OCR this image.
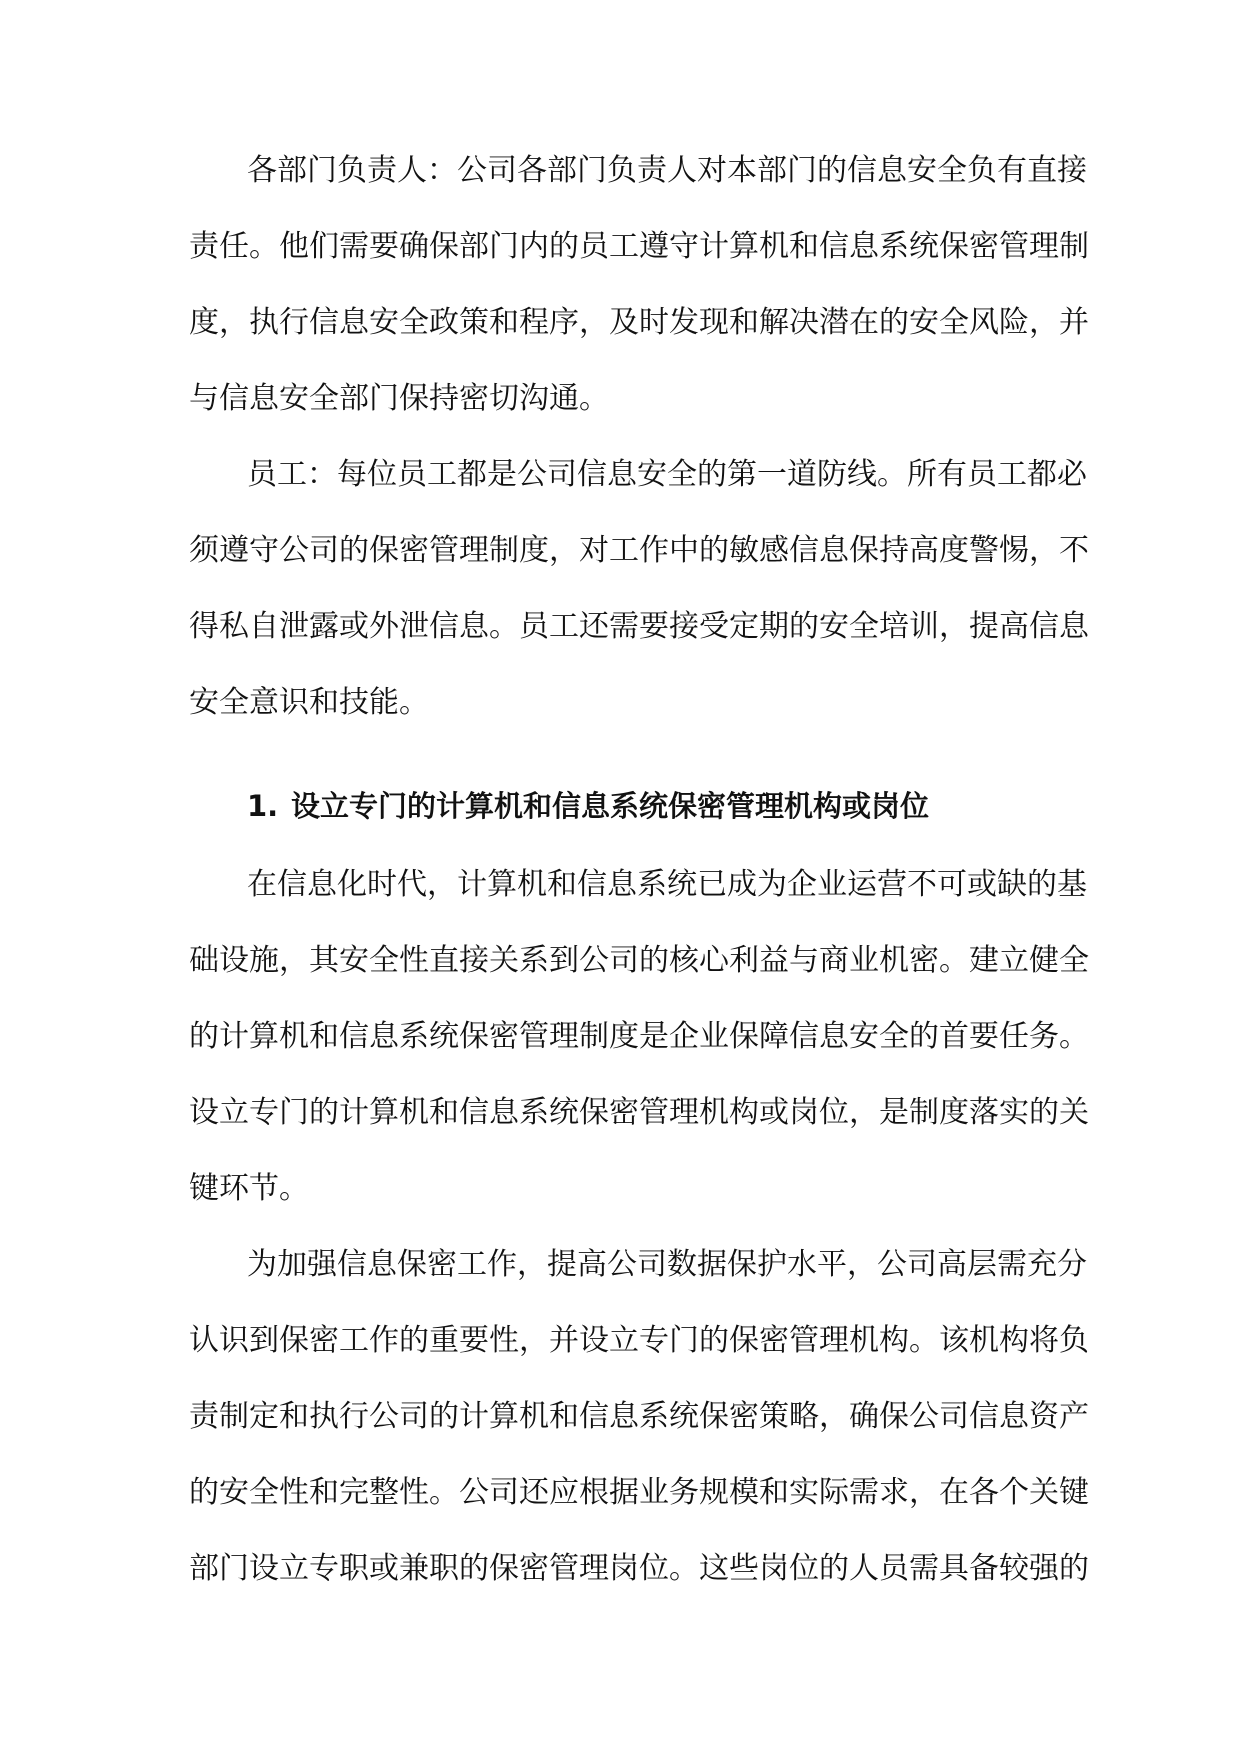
各部门负责人：公司各部门负责人对本部门的信息安全负有直接
责任。他们需要确保部门内的员工遵守计算机和信息系统保密管理制
度，执行信息安全政策和程序，及时发现和解决潜在的安全风险，并
与信息安全部门保持密切沟通。
员工：每位员工都是公司信息安全的第一道防线。所有员工都必
须遵守公司的保密管理制度，对工作中的敏感信息保持高度警惕，不
得私自泄露或外泄信息。员工还需要接受定期的安全培训，提高信息
安全意识和技能。
1. 设立专门的计算机和信息系统保密管理机构或岗位
在信息化时代，计算机和信息系统已成为企业运营不可或缺的基
础设施，其安全性直接关系到公司的核心利益与商业机密。建立健全
的计算机和信息系统保密管理制度是企业保障信息安全的首要任务。
设立专门的计算机和信息系统保密管理机构或岗位，是制度落实的关
键环节。
为加强信息保密工作，提高公司数据保护水平，公司高层需充分
认识到保密工作的重要性，并设立专门的保密管理机构。该机构将负
责制定和执行公司的计算机和信息系统保密策略，确保公司信息资产
的安全性和完整性。公司还应根据业务规模和实际需求，在各个关键
部门设立专职或兼职的保密管理岗位。这些岗位的人员需具备较强的
